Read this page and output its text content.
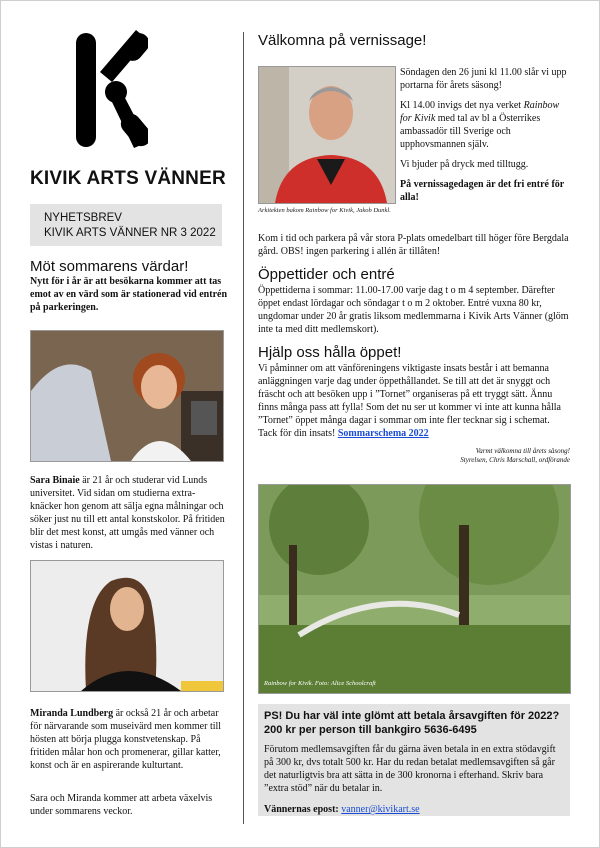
KIVIK ARTS VÄNNER
NYHETSBREV
KIVIK ARTS VÄNNER NR 3 2022
Möt sommarens värdar!
Nytt för i år är att besökarna kommer att tas emot av en värd som är stationerad vid entrén på parkeringen.
Sara Binaie är 21 år och studerar vid Lunds universitet. Vid sidan om studierna extra-knäcker hon genom att sälja egna målningar och söker just nu till ett antal konstskolor. På fritiden blir det mest konst, att umgås med vänner och vistas i naturen.
Miranda Lundberg är också 21 år och arbetar för närvarande som museivärd men kommer till hösten att börja plugga konstvetenskap. På fritiden målar hon och promenerar, gillar katter, konst och är en aspirerande kulturtant.
Sara och Miranda kommer att arbeta växelvis under sommarens veckor.
Välkomna på vernissage!
Arkitekten bakom Rainbow for Kivik, Jakob Dunkl.

Söndagen den 26 juni kl 11.00 slår vi upp portarna för årets säsong!

Kl 14.00 invigs det nya verket Rainbow for Kivik med tal av bl a Österrikes ambassadör till Sverige och upphovsmannen själv.

Vi bjuder på dryck med tilltugg.

På vernissagedagen är det fri entré för alla!

Kom i tid och parkera på vår stora P-plats omedelbart till höger före Bergdala gård. OBS! ingen parkering i allén är tillåten!
Öppettider och entré
Öppettiderna i sommar: 11.00-17.00 varje dag t o m 4 september. Därefter öppet endast lördagar och söndagar t o m 2 oktober. Entré vuxna 80 kr, ungdomar under 20 år gratis liksom medlemmarna i Kivik Arts Vänner (glöm inte ta med ditt medlemskort).
Hjälp oss hålla öppet!
Vi påminner om att vänföreningens viktigaste insats består i att bemanna anläggningen varje dag under öppethållandet. Se till att det är snyggt och fräscht och att besöken upp i ”Tornet” organiseras på ett tryggt sätt. Ännu finns många pass att fylla! Som det nu ser ut kommer vi inte att kunna hålla ”Tornet” öppet många dagar i sommar om inte fler tecknar sig i schemat. Tack för din insats! Sommarschema 2022
Varmt välkomna till årets säsong!
Styrelsen, Chris Marschall, ordförande
Rainbow for Kivik. Foto: Alice Schoolcraft
PS! Du har väl inte glömt att betala årsavgiften för 2022? 200 kr per person till bankgiro 5636-6495
Förutom medlemsavgiften får du gärna även betala in en extra stödavgift på 300 kr, dvs totalt 500 kr. Har du redan betalat medlemsavgiften så går det naturligtvis bra att sätta in de 300 kronorna i efterhand. Skriv bara ”extra stöd” när du betalar in.
Vännernas epost: vanner@kivikart.se
